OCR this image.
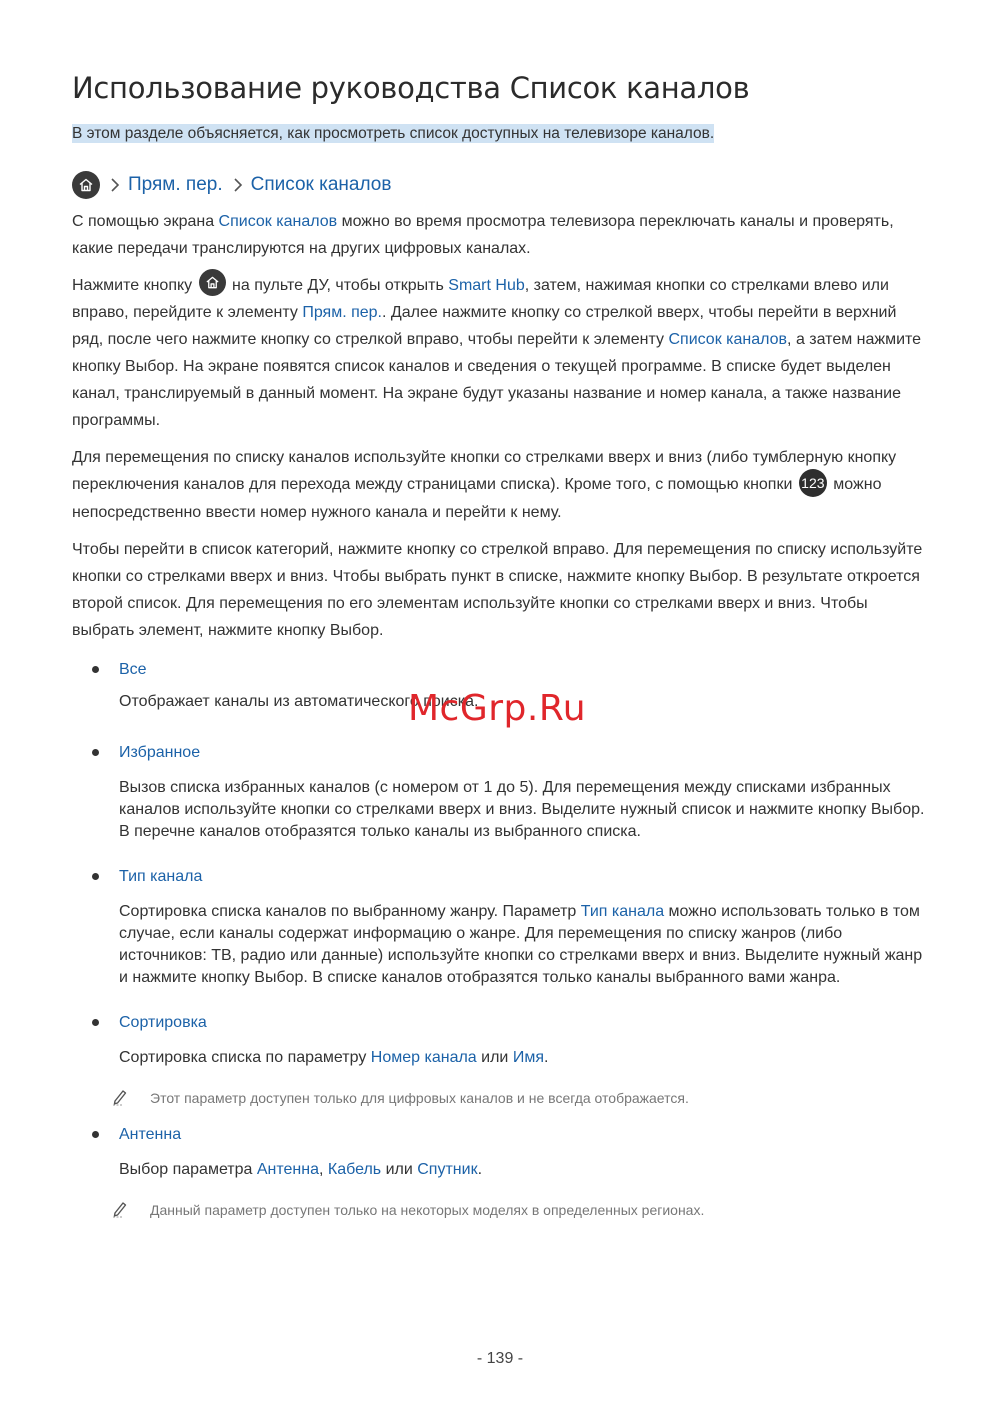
Использование руководства Список каналов
В этом разделе объясняется, как просмотреть список доступных на телевизоре каналов.
Прям. пер. Список каналов

С помощью экрана Список каналов можно во время просмотра телевизора переключать каналы и проверять, какие передачи транслируются на других цифровых каналах.

Нажмите кнопку
на пульте ДУ, чтобы открыть Smart Hub, затем, нажимая кнопки со стрелками влево или вправо, перейдите к элементу Прям. пер.. Далее нажмите кнопку со стрелкой вверх, чтобы перейти в верхний ряд, после чего нажмите кнопку со стрелкой вправо, чтобы перейти к элементу Список каналов, а затем нажмите кнопку Выбор. На экране появятся список каналов и сведения о текущей программе. В списке будет выделен канал, транслируемый в данный момент. На экране будут указаны название и номер канала, а также название программы.

Для перемещения по списку каналов используйте кнопки со стрелками вверх и вниз (либо тумблерную кнопку переключения каналов для перехода между страницами списка). Кроме того, с помощью кнопки 123 можно непосредственно ввести номер нужного канала и перейти к нему.

Чтобы перейти в список категорий, нажмите кнопку со стрелкой вправо. Для перемещения по списку используйте кнопки со стрелками вверх и вниз. Чтобы выбрать пункт в списке, нажмите кнопку Выбор. В результате откроется второй список. Для перемещения по его элементам используйте кнопки со стрелками вверх и вниз. Чтобы выбрать элемент, нажмите кнопку Выбор.

Все
Отображает каналы из автоматического поиска.
Избранное
Вызов списка избранных каналов (с номером от 1 до 5). Для перемещения между списками избранных каналов используйте кнопки со стрелками вверх и вниз. Выделите нужный список и нажмите кнопку Выбор. В перечне каналов отобразятся только каналы из выбранного списка.
Тип канала
Сортировка списка каналов по выбранному жанру. Параметр Тип канала можно использовать только в том случае, если каналы содержат информацию о жанре. Для перемещения по списку жанров (либо источников: ТВ, радио или данные) используйте кнопки со стрелками вверх и вниз. Выделите нужный жанр и нажмите кнопку Выбор. В списке каналов отобразятся только каналы выбранного вами жанра.
Сортировка
Сортировка списка по параметру Номер канала или Имя.
Этот параметр доступен только для цифровых каналов и не всегда отображается.
Антенна
Выбор параметра Антенна, Кабель или Спутник.
Данный параметр доступен только на некоторых моделях в определенных регионах.
McGrp.Ru
- 139 -
